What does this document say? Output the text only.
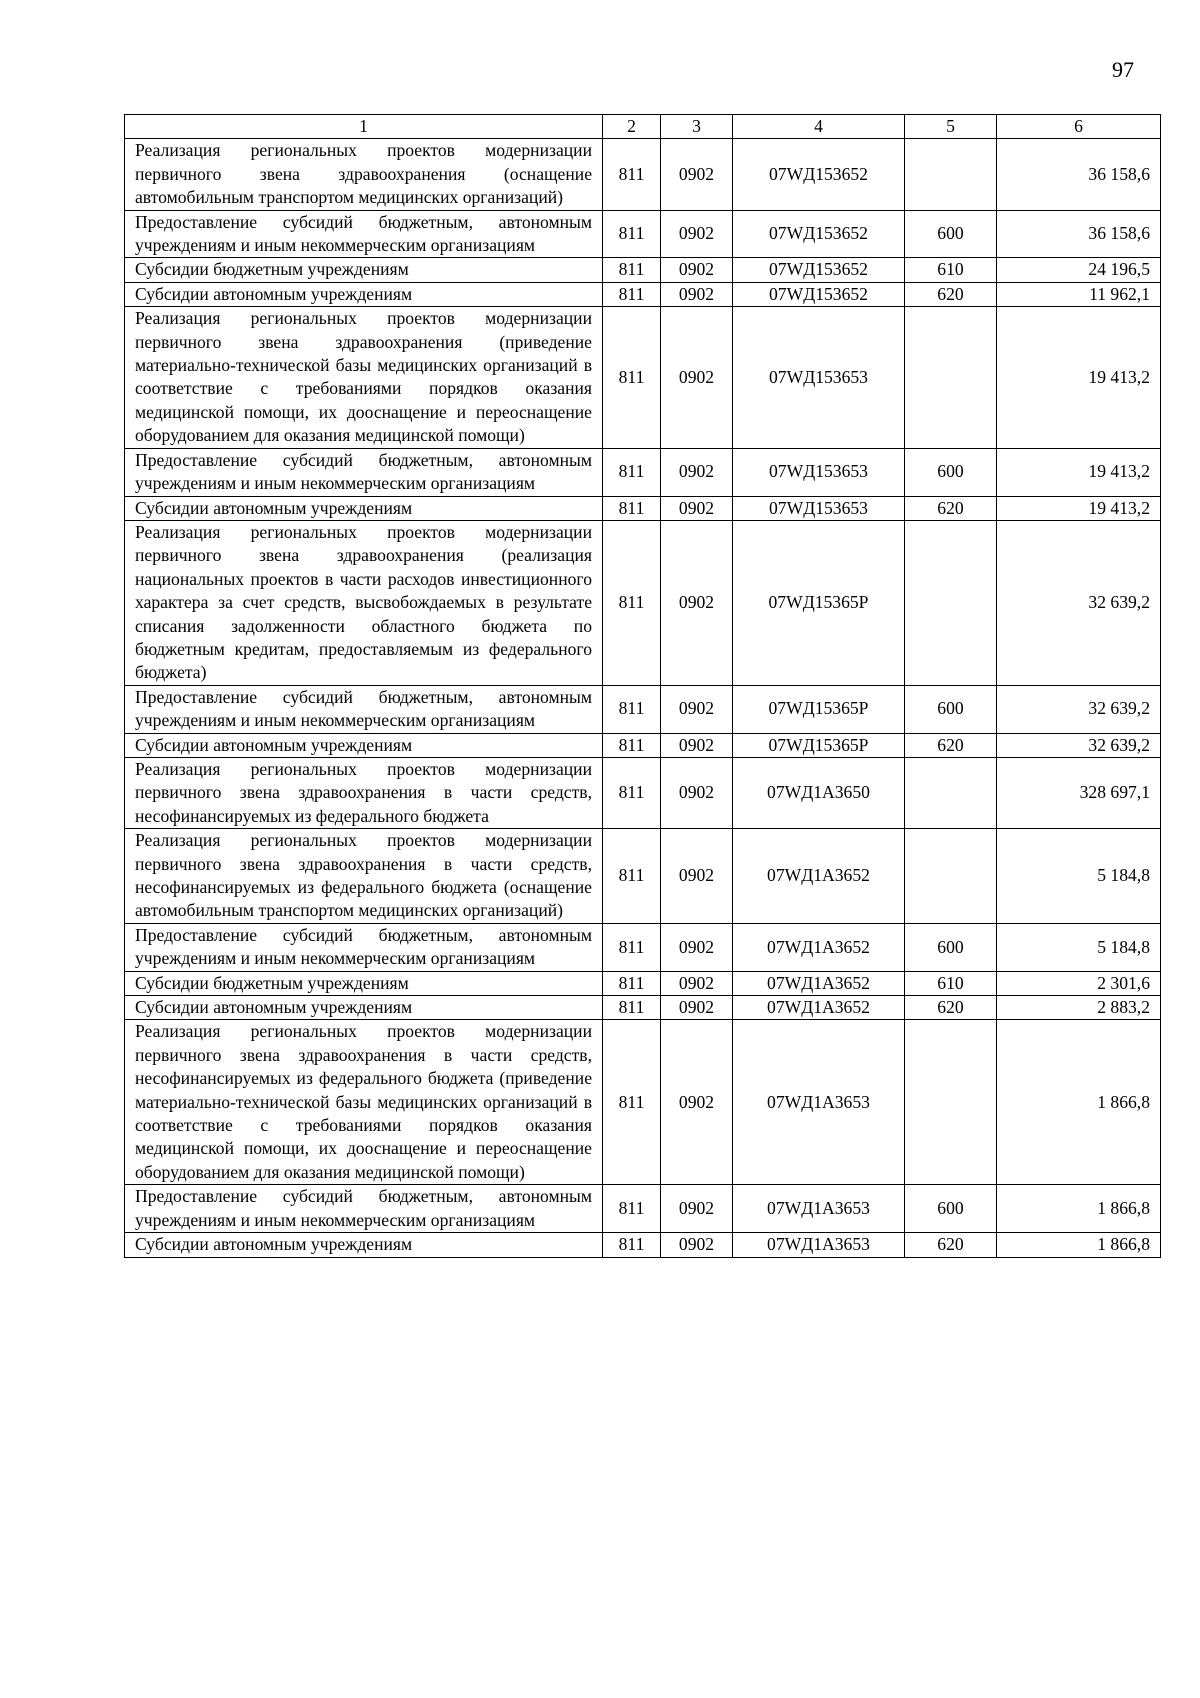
97
1	2	3	4	5	6
Реализация региональных проектов модернизации первичного звена здравоохранения (оснащение автомобильным транспортом медицинских организаций)	811	0902	07WД153652		36 158,6
Предоставление субсидий бюджетным, автономным учреждениям и иным некоммерческим организациям	811	0902	07WД153652	600	36 158,6
Субсидии бюджетным учреждениям	811	0902	07WД153652	610	24 196,5
Субсидии автономным учреждениям	811	0902	07WД153652	620	11 962,1
Реализация региональных проектов модернизации первичного звена здравоохранения (приведение материально-технической базы медицинских организаций в соответствие с требованиями порядков оказания медицинской помощи, их дооснащение и переоснащение оборудованием для оказания медицинской помощи)	811	0902	07WД153653		19 413,2
Предоставление субсидий бюджетным, автономным учреждениям и иным некоммерческим организациям	811	0902	07WД153653	600	19 413,2
Субсидии автономным учреждениям	811	0902	07WД153653	620	19 413,2
Реализация региональных проектов модернизации первичного звена здравоохранения (реализация национальных проектов в части расходов инвестиционного характера за счет средств, высвобождаемых в результате списания задолженности областного бюджета по бюджетным кредитам, предоставляемым из федерального бюджета)	811	0902	07WД15365Р		32 639,2
Предоставление субсидий бюджетным, автономным учреждениям и иным некоммерческим организациям	811	0902	07WД15365Р	600	32 639,2
Субсидии автономным учреждениям	811	0902	07WД15365Р	620	32 639,2
Реализация региональных проектов модернизации первичного звена здравоохранения в части средств, несофинансируемых из федерального бюджета	811	0902	07WД1А3650		328 697,1
Реализация региональных проектов модернизации первичного звена здравоохранения в части средств, несофинансируемых из федерального бюджета (оснащение автомобильным транспортом медицинских организаций)	811	0902	07WД1А3652		5 184,8
Предоставление субсидий бюджетным, автономным учреждениям и иным некоммерческим организациям	811	0902	07WД1А3652	600	5 184,8
Субсидии бюджетным учреждениям	811	0902	07WД1А3652	610	2 301,6
Субсидии автономным учреждениям	811	0902	07WД1А3652	620	2 883,2
Реализация региональных проектов модернизации первичного звена здравоохранения в части средств, несофинансируемых из федерального бюджета (приведение материально-технической базы медицинских организаций в соответствие с требованиями порядков оказания медицинской помощи, их дооснащение и переоснащение оборудованием для оказания медицинской помощи)	811	0902	07WД1А3653		1 866,8
Предоставление субсидий бюджетным, автономным учреждениям и иным некоммерческим организациям	811	0902	07WД1А3653	600	1 866,8
Субсидии автономным учреждениям	811	0902	07WД1А3653	620	1 866,8
